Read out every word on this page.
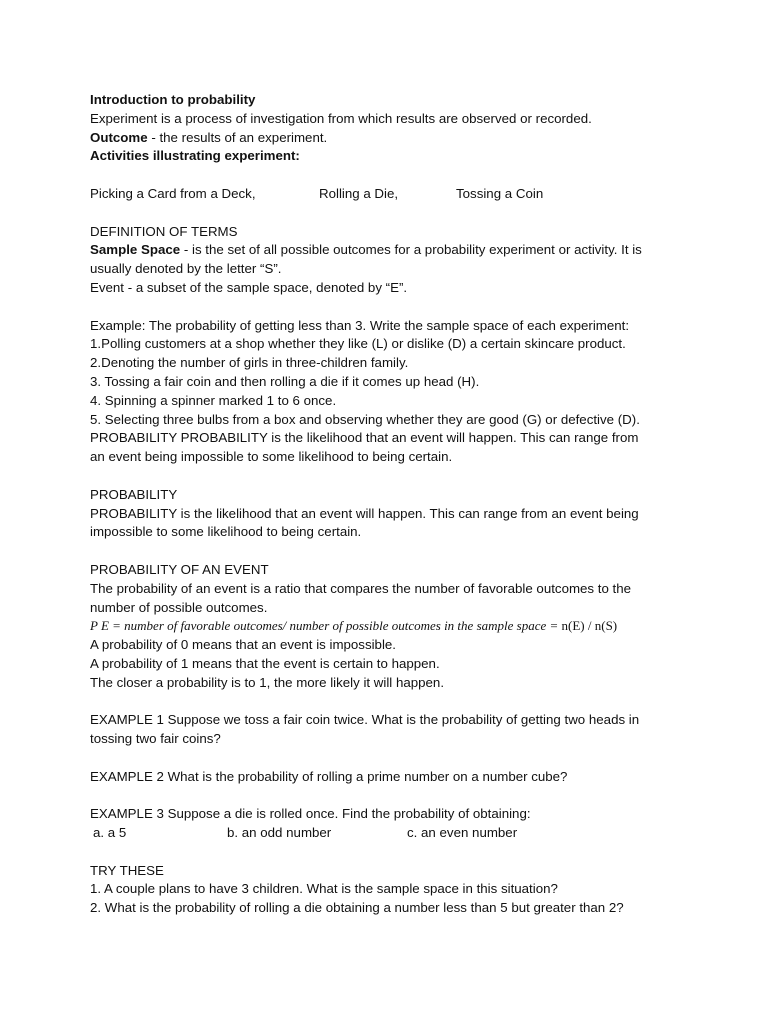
Introduction to probability
Experiment is a process of investigation from which results are observed or recorded.
Outcome - the results of an experiment.
Activities illustrating experiment:
Picking a Card from a Deck,	Rolling a Die,	Tossing a Coin
DEFINITION OF TERMS
Sample Space - is the set of all possible outcomes for a probability experiment or activity. It is
usually denoted by the letter “S”.
Event - a subset of the sample space, denoted by “E”.
Example: The probability of getting less than 3. Write the sample space of each experiment:
1.Polling customers at a shop whether they like (L) or dislike (D) a certain skincare product.
2.Denoting the number of girls in three-children family.
3. Tossing a fair coin and then rolling a die if it comes up head (H).
4. Spinning a spinner marked 1 to 6 once.
5. Selecting three bulbs from a box and observing whether they are good (G) or defective (D).
PROBABILITY PROBABILITY is the likelihood that an event will happen. This can range from
an event being impossible to some likelihood to being certain.
PROBABILITY
PROBABILITY is the likelihood that an event will happen. This can range from an event being
impossible to some likelihood to being certain.
PROBABILITY OF AN EVENT
The probability of an event is a ratio that compares the number of favorable outcomes to the
number of possible outcomes.
P E = number of favorable outcomes/ number of possible outcomes in the sample space = n(E) / n(S)
A probability of 0 means that an event is impossible.
A probability of 1 means that the event is certain to happen.
The closer a probability is to 1, the more likely it will happen.
EXAMPLE 1 Suppose we toss a fair coin twice. What is the probability of getting two heads in
tossing two fair coins?
EXAMPLE 2 What is the probability of rolling a prime number on a number cube?
EXAMPLE 3 Suppose a die is rolled once. Find the probability of obtaining:
a. a 5	b. an odd number	c. an even number
TRY THESE
1. A couple plans to have 3 children. What is the sample space in this situation?
2. What is the probability of rolling a die obtaining a number less than 5 but greater than 2?
